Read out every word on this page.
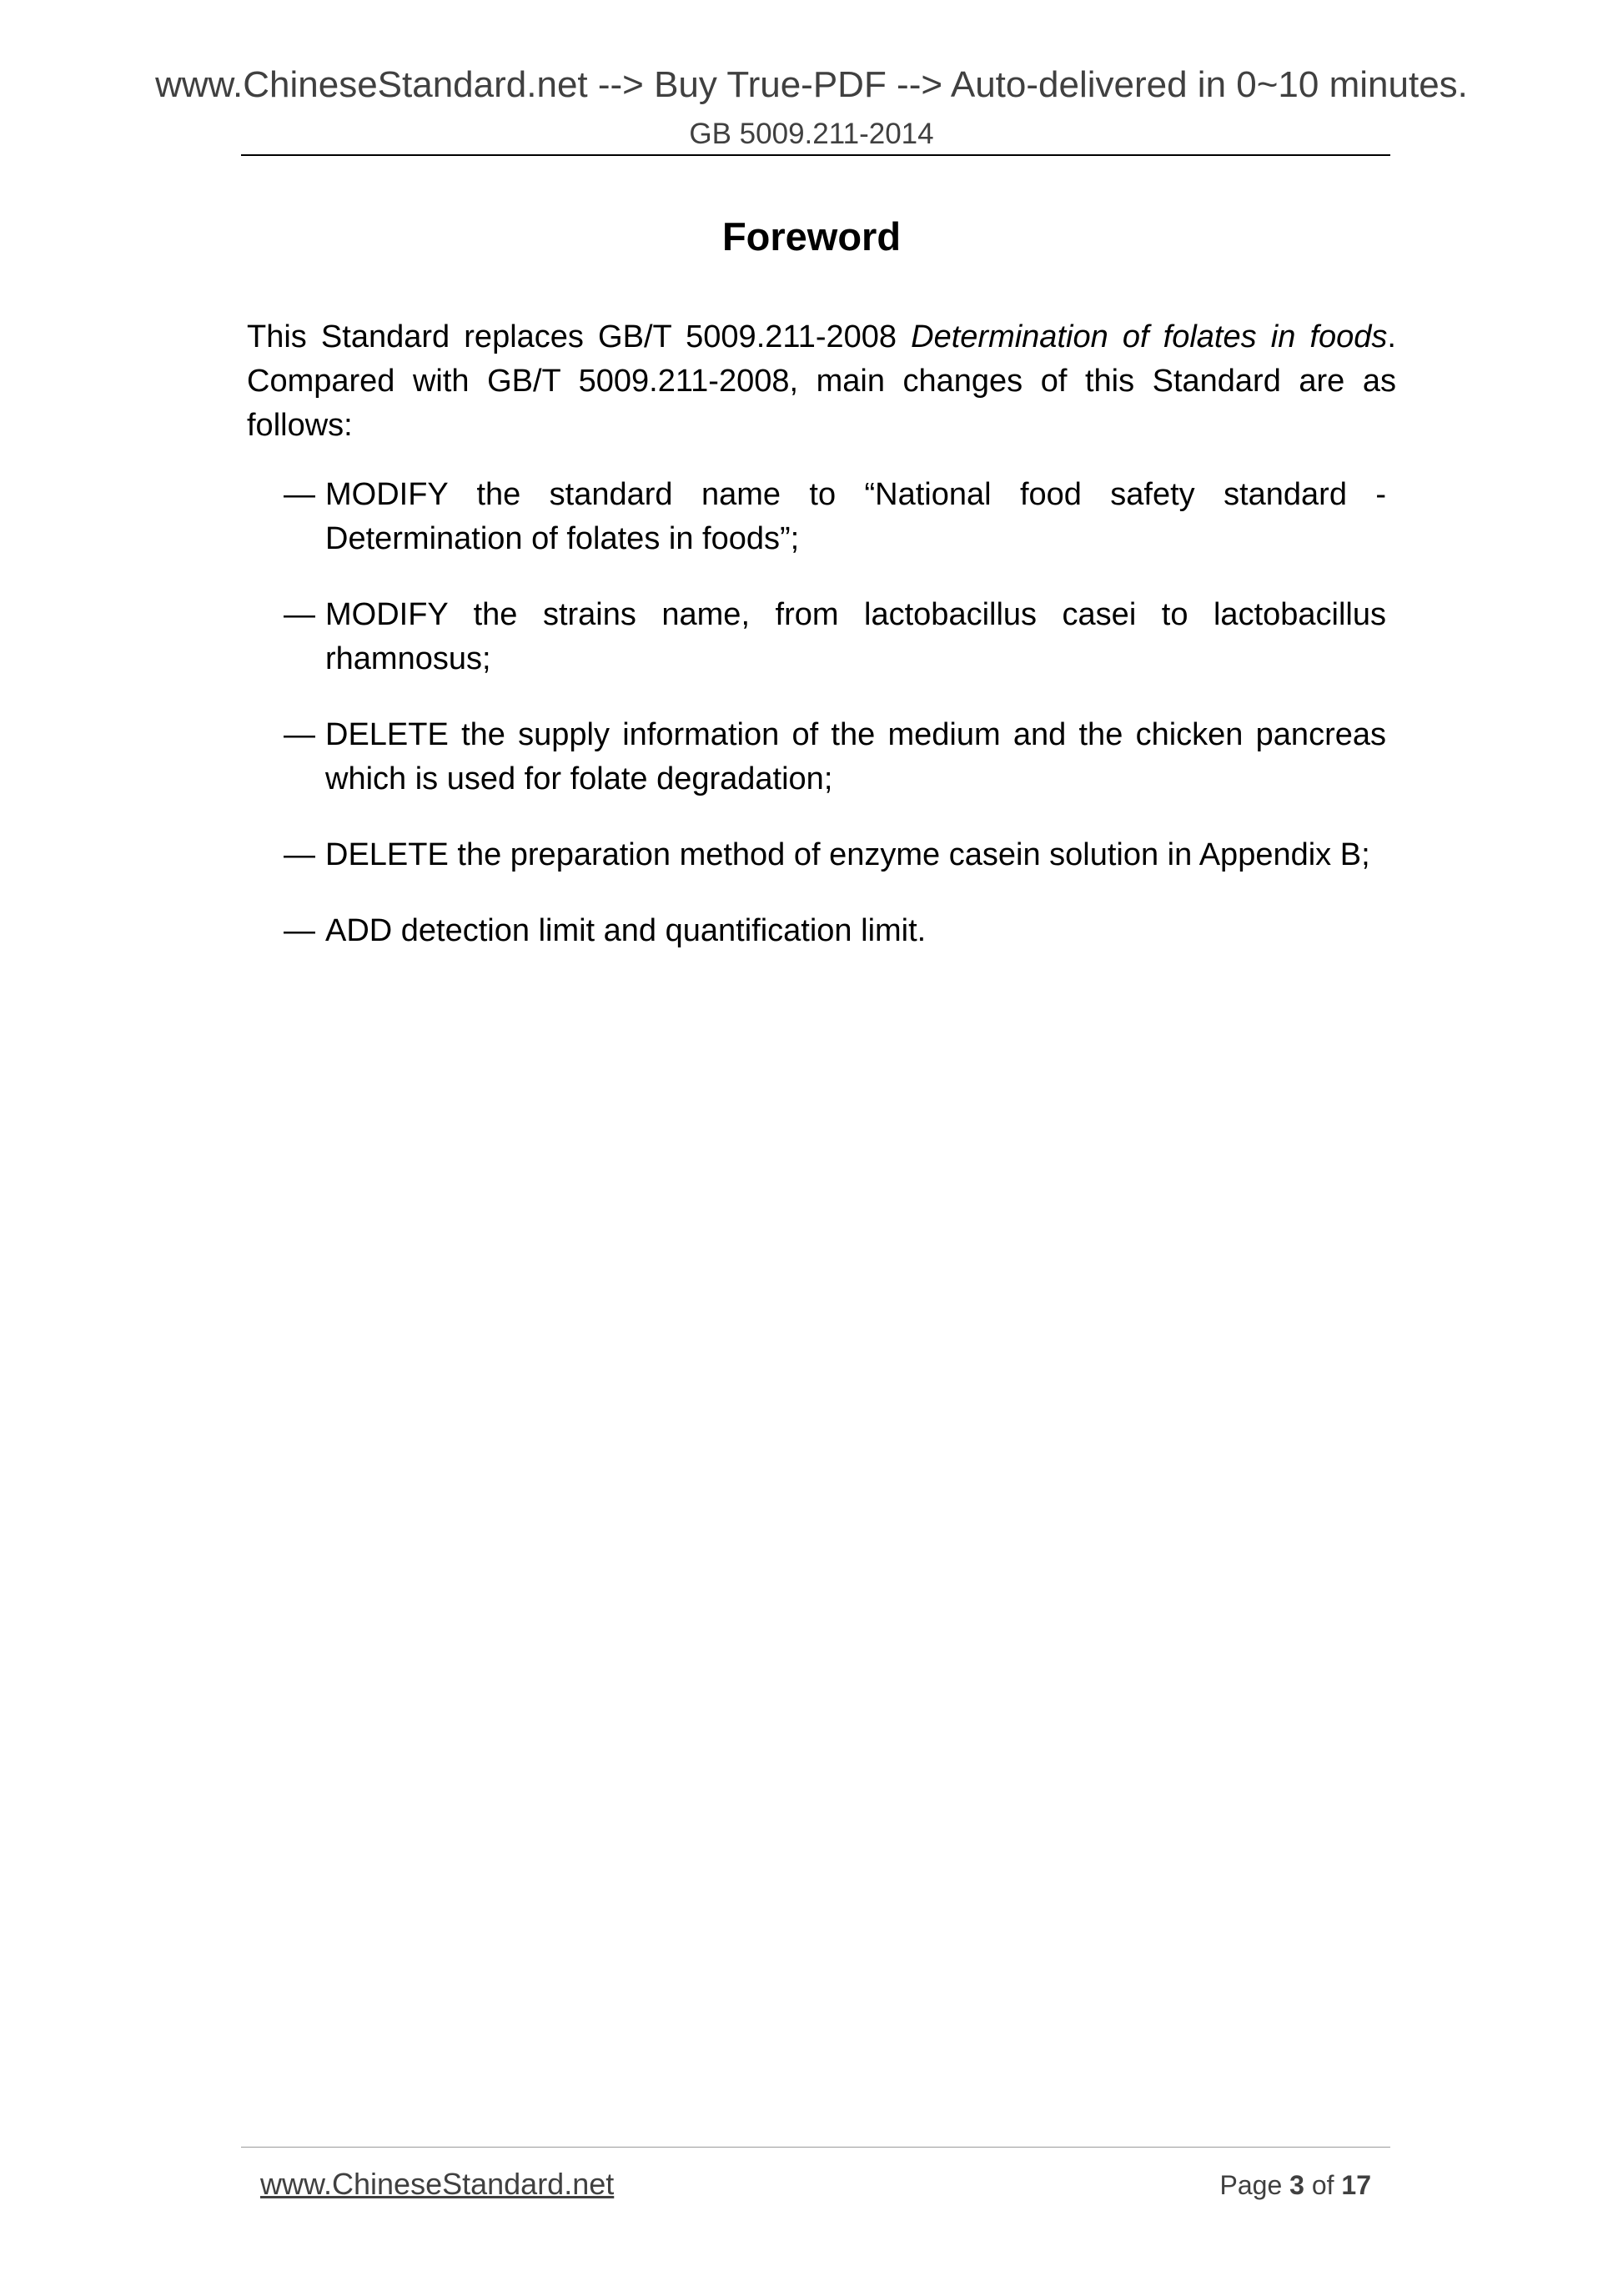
www.ChineseStandard.net --> Buy True-PDF --> Auto-delivered in 0~10 minutes.
GB 5009.211-2014
Foreword

This Standard replaces GB/T 5009.211-2008 Determination of folates in foods.
Compared with GB/T 5009.211-2008, main changes of this Standard are as follows:

— MODIFY the standard name to “National food safety standard - Determination of folates in foods”;
— MODIFY the strains name, from lactobacillus casei to lactobacillus rhamnosus;
— DELETE the supply information of the medium and the chicken pancreas which is used for folate degradation;
— DELETE the preparation method of enzyme casein solution in Appendix B;
— ADD detection limit and quantification limit.
www.ChineseStandard.net	Page 3 of 17
